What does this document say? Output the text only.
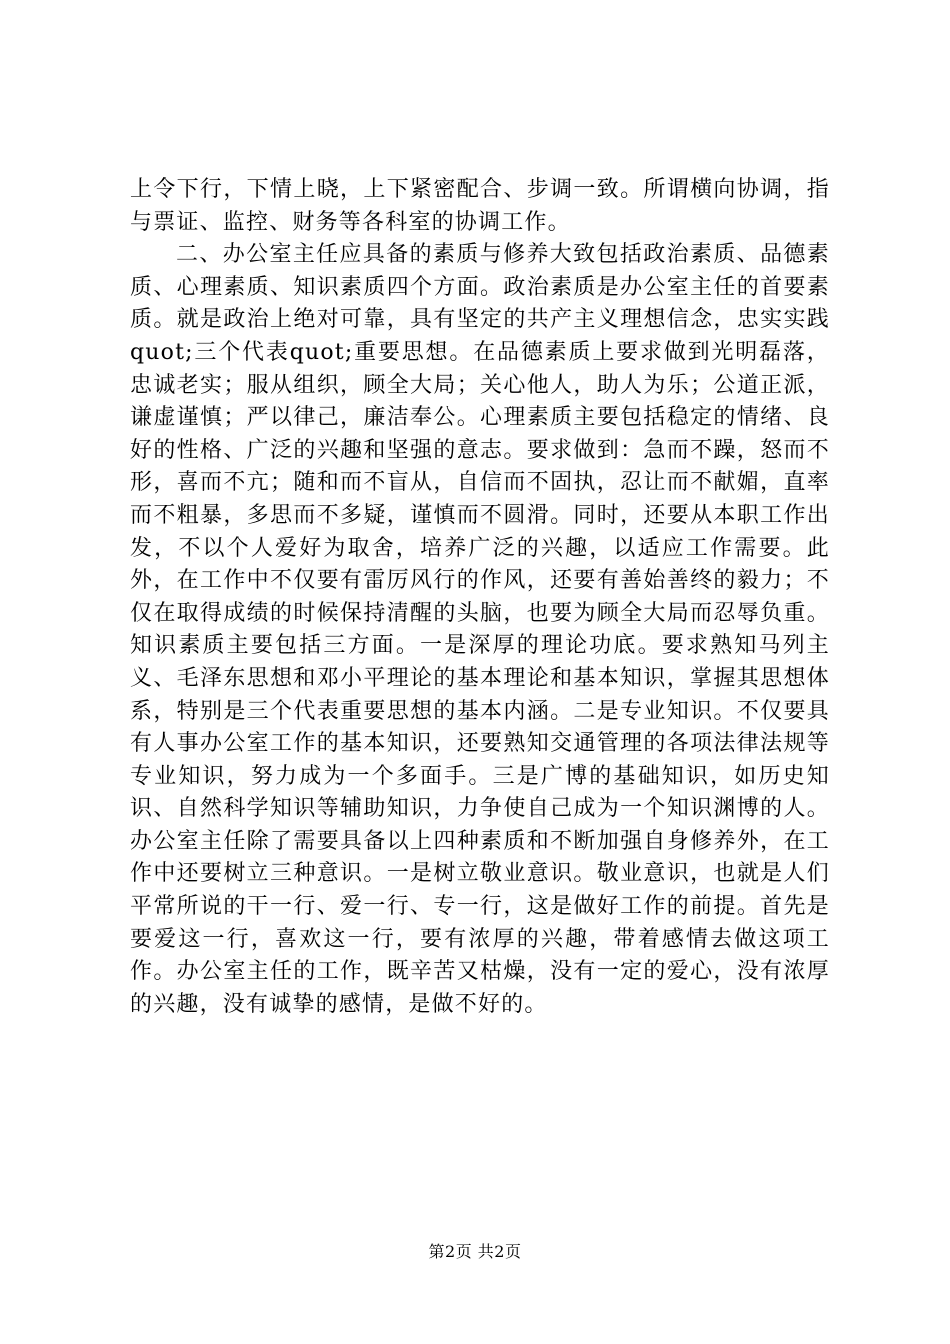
上令下行，下情上晓，上下紧密配合、步调一致。所谓横向协调，指与票证、监控、财务等各科室的协调工作。

二、办公室主任应具备的素质与修养大致包括政治素质、品德素质、心理素质、知识素质四个方面。政治素质是办公室主任的首要素质。就是政治上绝对可靠，具有坚定的共产主义理想信念，忠实实践quot;三个代表quot;重要思想。在品德素质上要求做到光明磊落，忠诚老实；服从组织，顾全大局；关心他人，助人为乐；公道正派，谦虚谨慎；严以律己，廉洁奉公。心理素质主要包括稳定的情绪、良好的性格、广泛的兴趣和坚强的意志。要求做到：急而不躁，怒而不形，喜而不亢；随和而不盲从，自信而不固执，忍让而不献媚，直率而不粗暴，多思而不多疑，谨慎而不圆滑。同时，还要从本职工作出发，不以个人爱好为取舍，培养广泛的兴趣，以适应工作需要。此外，在工作中不仅要有雷厉风行的作风，还要有善始善终的毅力；不仅在取得成绩的时候保持清醒的头脑，也要为顾全大局而忍辱负重。知识素质主要包括三方面。一是深厚的理论功底。要求熟知马列主义、毛泽东思想和邓小平理论的基本理论和基本知识，掌握其思想体系，特别是三个代表重要思想的基本内涵。二是专业知识。不仅要具有人事办公室工作的基本知识，还要熟知交通管理的各项法律法规等专业知识，努力成为一个多面手。三是广博的基础知识，如历史知识、自然科学知识等辅助知识，力争使自己成为一个知识渊博的人。办公室主任除了需要具备以上四种素质和不断加强自身修养外，在工作中还要树立三种意识。一是树立敬业意识。敬业意识，也就是人们平常所说的干一行、爱一行、专一行，这是做好工作的前提。首先是要爱这一行，喜欢这一行，要有浓厚的兴趣，带着感情去做这项工作。办公室主任的工作，既辛苦又枯燥，没有一定的爱心，没有浓厚的兴趣，没有诚挚的感情，是做不好的。

第2页 共2页
